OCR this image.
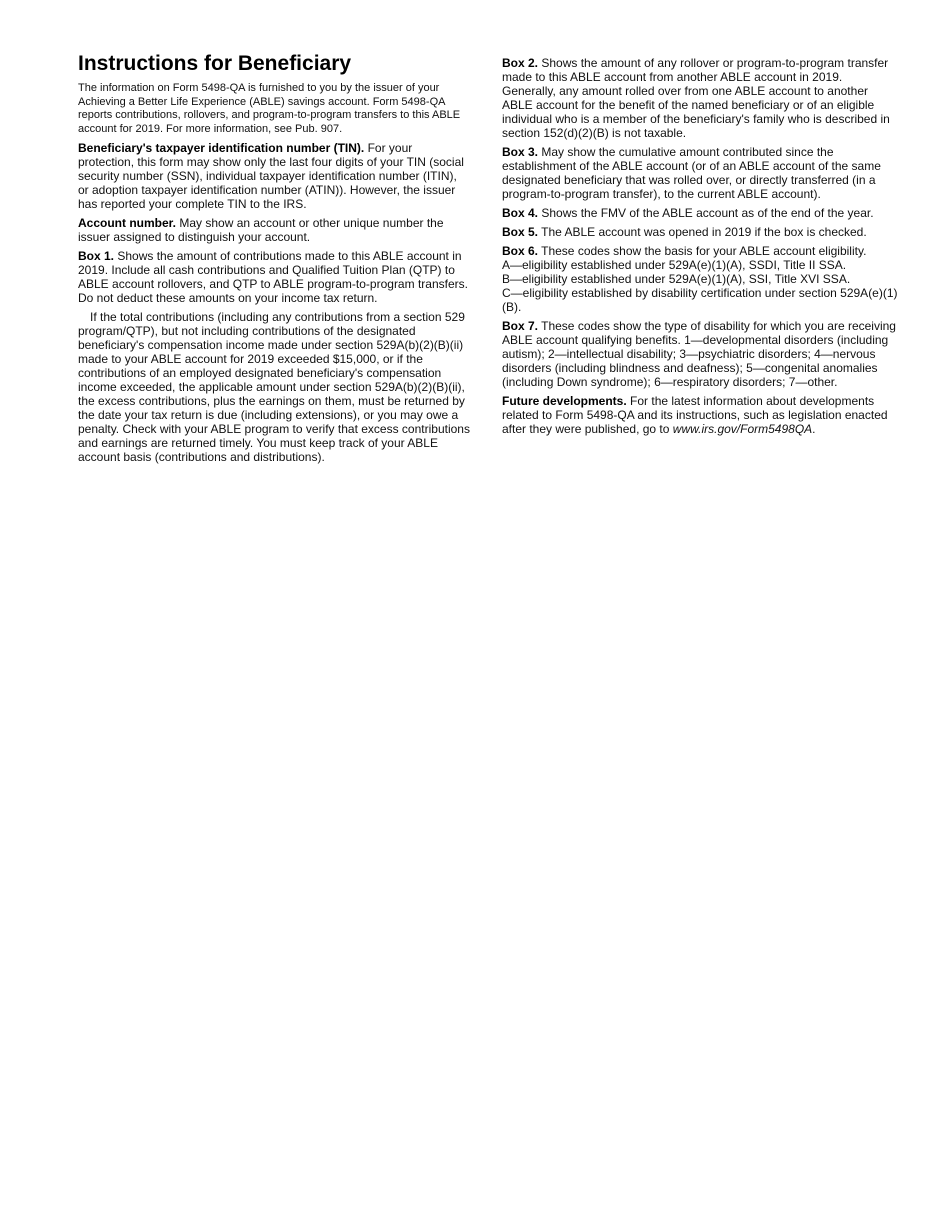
Instructions for Beneficiary

The information on Form 5498-QA is furnished to you by the issuer of your Achieving a Better Life Experience (ABLE) savings account. Form 5498-QA reports contributions, rollovers, and program-to-program transfers to this ABLE account for 2019. For more information, see Pub. 907.

Beneficiary's taxpayer identification number (TIN). For your protection, this form may show only the last four digits of your TIN (social security number (SSN), individual taxpayer identification number (ITIN), or adoption taxpayer identification number (ATIN)). However, the issuer has reported your complete TIN to the IRS.

Account number. May show an account or other unique number the issuer assigned to distinguish your account.

Box 1. Shows the amount of contributions made to this ABLE account in 2019. Include all cash contributions and Qualified Tuition Plan (QTP) to ABLE account rollovers, and QTP to ABLE program-to-program transfers. Do not deduct these amounts on your income tax return.

If the total contributions (including any contributions from a section 529 program/QTP), but not including contributions of the designated beneficiary's compensation income made under section 529A(b)(2)(B)(ii) made to your ABLE account for 2019 exceeded $15,000, or if the contributions of an employed designated beneficiary's compensation income exceeded, the applicable amount under section 529A(b)(2)(B)(ii), the excess contributions, plus the earnings on them, must be returned by the date your tax return is due (including extensions), or you may owe a penalty. Check with your ABLE program to verify that excess contributions and earnings are returned timely. You must keep track of your ABLE account basis (contributions and distributions).

Box 2. Shows the amount of any rollover or program-to-program transfer made to this ABLE account from another ABLE account in 2019. Generally, any amount rolled over from one ABLE account to another ABLE account for the benefit of the named beneficiary or of an eligible individual who is a member of the beneficiary's family who is described in section 152(d)(2)(B) is not taxable.

Box 3. May show the cumulative amount contributed since the establishment of the ABLE account (or of an ABLE account of the same designated beneficiary that was rolled over, or directly transferred (in a program-to-program transfer), to the current ABLE account).

Box 4. Shows the FMV of the ABLE account as of the end of the year.

Box 5. The ABLE account was opened in 2019 if the box is checked.

Box 6. These codes show the basis for your ABLE account eligibility.
A—eligibility established under 529A(e)(1)(A), SSDI, Title II SSA.
B—eligibility established under 529A(e)(1)(A), SSI, Title XVI SSA.
C—eligibility established by disability certification under section 529A(e)(1)(B).

Box 7. These codes show the type of disability for which you are receiving ABLE account qualifying benefits. 1—developmental disorders (including autism); 2—intellectual disability; 3—psychiatric disorders; 4—nervous disorders (including blindness and deafness); 5—congenital anomalies (including Down syndrome); 6—respiratory disorders; 7—other.

Future developments. For the latest information about developments related to Form 5498-QA and its instructions, such as legislation enacted after they were published, go to www.irs.gov/Form5498QA.
